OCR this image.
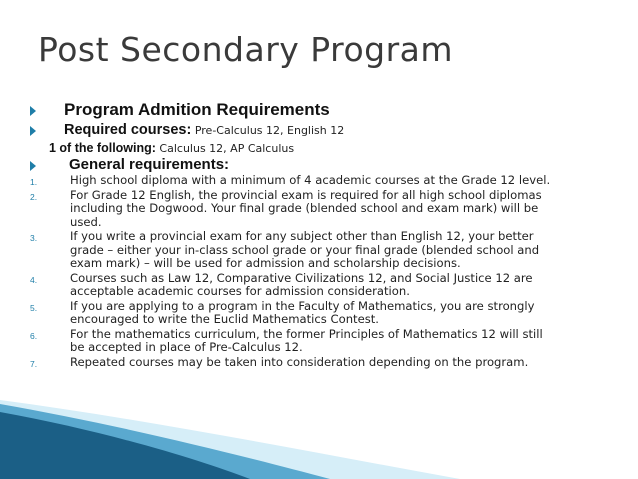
Post Secondary Program
Program Admition Requirements
Required courses: Pre-Calculus 12, English 12
1 of the following: Calculus 12, AP Calculus
General requirements:
1.	High school diploma with a minimum of 4 academic courses at the Grade 12 level.
2.	For Grade 12 English, the provincial exam is required for all high school diplomas
including the Dogwood. Your final grade (blended school and exam mark) will be
used.
3.	If you write a provincial exam for any subject other than English 12, your better
grade – either your in-class school grade or your final grade (blended school and
exam mark) – will be used for admission and scholarship decisions.
4.	Courses such as Law 12, Comparative Civilizations 12, and Social Justice 12 are
acceptable academic courses for admission consideration.
5.	If you are applying to a program in the Faculty of Mathematics, you are strongly
encouraged to write the Euclid Mathematics Contest.
6.	For the mathematics curriculum, the former Principles of Mathematics 12 will still
be accepted in place of Pre-Calculus 12.
7.	Repeated courses may be taken into consideration depending on the program.
